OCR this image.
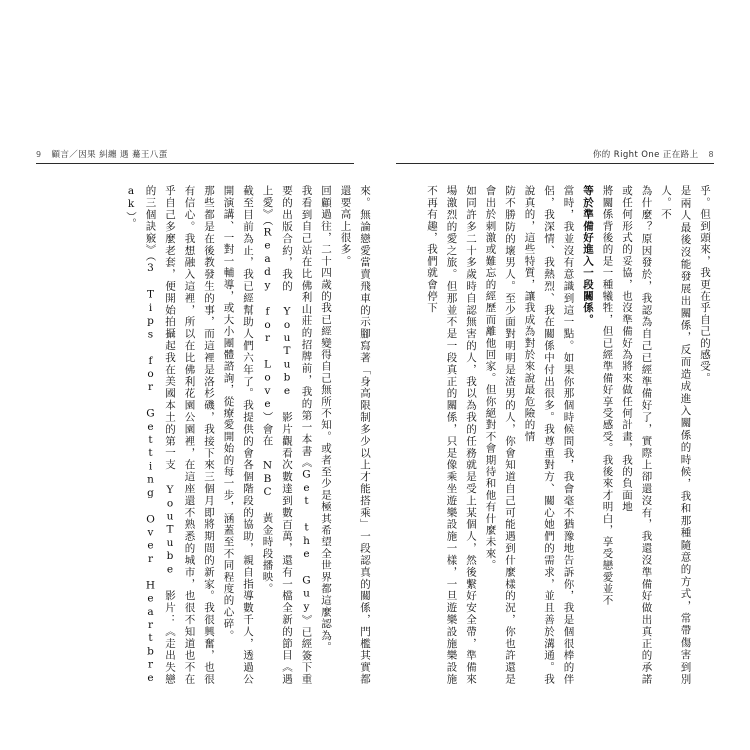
9 顧言／因果 糾纏 遇 驀王八蛋	你的 Right One 正在路上 8
乎。但到頭來，我更在乎自己的感受。
是兩人最後沒能發展出關係，反而造成進入關係的時候，我和那種隨意的方式，常帶傷害到別人。不
為什麼？原因發於，我認為自己已經準備好了，實際上卻還沒有，我還沒準備好做出真正的承諾或任何形式的妥協，也沒準備好為將來做任何計畫，我的負面地
將關係背後的是一種犧牲，但已經準備好享受感受。我後來才明白，享受戀愛並不
等於準備好進入一段關係。
當時，我並沒有意識到這一點。如果你那個時候問我，我會毫不猶豫地告訴你，我是個很棒的伴侶，我深情、我熱烈、我在關係中付出很多。我尊重對方、關心她們的需求，並且善於溝通。我說真的，這些特質，讓我成為對於來說最危險的情
防不勝防的壞男人。至少面對明明是渣男的人，你會知道自己可能遇到什麼樣的況，你也許還是會出於刺激或難忘的經歷而離他回家。但你絕對不會期待和他有什麼未來。
如同許多二十多歲時自認無害的人，我以為我的任務就是受上某個人，然後繫好安全帶，準備來場激烈的愛之旅。但那並不是一段真正的關係，只是像乘坐遊樂設施一樣，一旦遊樂設施樂設施不再有趣，我們就會停下
來。無論戀愛當賣飛車的示腳寫著「身高限制多少以上才能搭乘」一段認真的關係，門檻其實都還要高上很多。
回顧過往，二十四歲的我已經變得自己無所不知。或者至少是極其希望全世界都這麼認為。
我看到自己站在比佛利山莊的招牌前，我的第一本書《Get the Guy》已經簽下重要的出版合約，我的 YouTube 影片觀看次數達到數百萬，還有一檔全新的節目《遇上愛》（Ready for Love）會在 NBC 黃金時段播映。
截至目前為止，我已經幫助人們六年了。我提供的會各個階段的協助，親自指導數千人，透過公開演講、一對一輔導，或大小團體諮詢，從療愛開始的每一步，涵蓋至不同程度的心碎。
那些都是在後教發生的事，而這裡是洛杉磯，我接下來三個月即將期間的新家。我很興奮，也很有信心。我想融入這裡，所以在比佛利花園公園裡，在這座還不熟悉的城市，也很不知道也不在乎自己多麼老套，便開始拍攝起我在美國本土的第一支 YouTube 影片：《走出失戀的三個訣竅》（3 Tips for Getting Over Heartbreak）。
